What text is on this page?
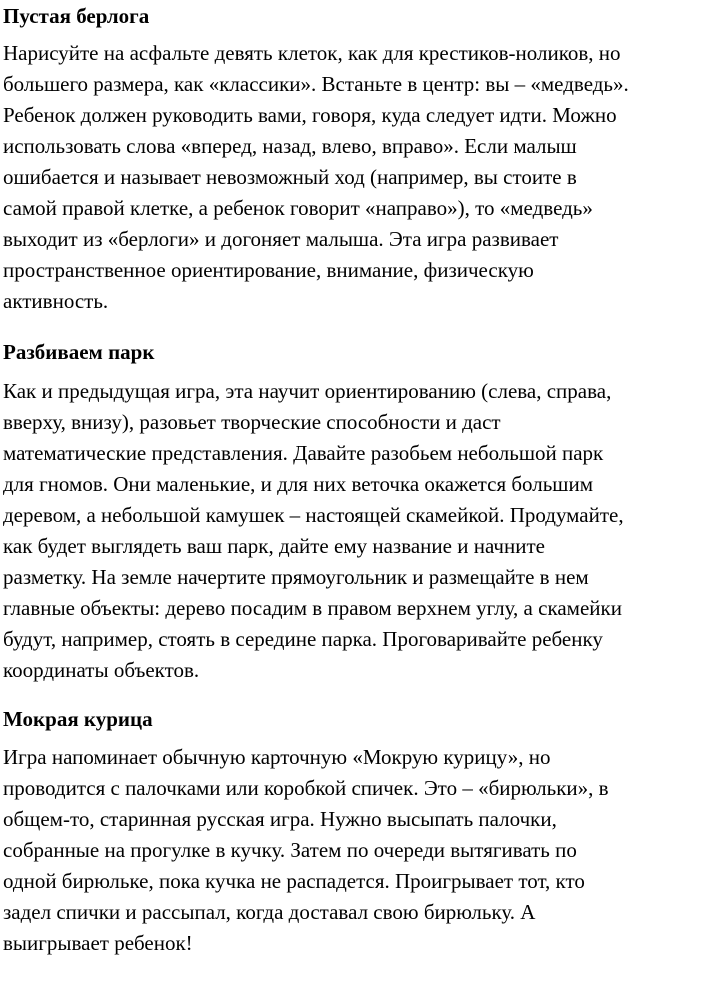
Пустая берлога

Нарисуйте на асфальте девять клеток, как для крестиков-ноликов, но
большего размера, как «классики». Встаньте в центр: вы – «медведь».
Ребенок должен руководить вами, говоря, куда следует идти. Можно
использовать слова «вперед, назад, влево, вправо». Если малыш
ошибается и называет невозможный ход (например, вы стоите в
самой правой клетке, а ребенок говорит «направо»), то «медведь»
выходит из «берлоги» и догоняет малыша. Эта игра развивает
пространственное ориентирование, внимание, физическую
активность.

Разбиваем парк

Как и предыдущая игра, эта научит ориентированию (слева, справа,
вверху, внизу), разовьет творческие способности и даст
математические представления. Давайте разобьем небольшой парк
для гномов. Они маленькие, и для них веточка окажется большим
деревом, а небольшой камушек – настоящей скамейкой. Продумайте,
как будет выглядеть ваш парк, дайте ему название и начните
разметку. На земле начертите прямоугольник и размещайте в нем
главные объекты: дерево посадим в правом верхнем углу, а скамейки
будут, например, стоять в середине парка. Проговаривайте ребенку
координаты объектов.

Мокрая курица

Игра напоминает обычную карточную «Мокрую курицу», но
проводится с палочками или коробкой спичек. Это – «бирюльки», в
общем-то, старинная русская игра. Нужно высыпать палочки,
собранные на прогулке в кучку. Затем по очереди вытягивать по
одной бирюльке, пока кучка не распадется. Проигрывает тот, кто
задел спички и рассыпал, когда доставал свою бирюльку. А
выигрывает ребенок!
